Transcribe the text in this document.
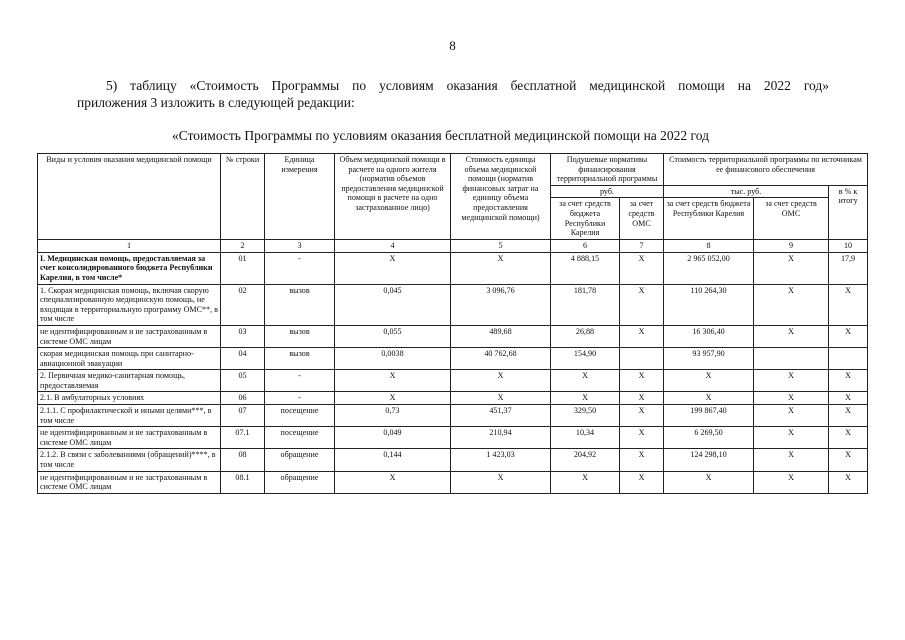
8
5) таблицу «Стоимость Программы по условиям оказания бесплатной медицинской помощи на 2022 год»
приложения 3 изложить в следующей редакции:
«Стоимость Программы по условиям оказания бесплатной медицинской помощи на 2022 год
Виды и условия оказания медицинской помощи	№ строки	Единица измерения	Объем медицинской помощи в расчете на одного жителя (норматив объемов предоставления медицинской помощи в расчете на одно застрахованное лицо)	Стоимость единицы объема медицинской помощи (норматив финансовых затрат на единицу объема предоставления медицинской помощи)	Подушевые нормативы финансирования территориальной программы		Стоимость территориальной программы по источникам ее финансового обеспечения		
					руб.		тыс. руб.		в % к итогу
					за счет средств бюджета Республики Карелия	за счет средств ОМС	за счет средств бюджета Республики Карелия	за счет средств ОМС	
1	2	3	4	5	6	7	8	9	10
I. Медицинская помощь, предоставляемая за счет консолидированного бюджета Республики Карелия, в том числе*	01	-	X	X	4 888,15	X	2 965 052,00	X	17,9
1. Скорая медицинская помощь, включая скорую специализированную медицинскую помощь, не входящая в территориальную программу ОМС**, в том числе	02	вызов	0,045	3 096,76	181,78	X	110 264,30	X	X
не идентифицированным и не застрахованным в системе ОМС лицам	03	вызов	0,055	489,68	26,88	X	16 306,40	X	X
скорая медицинская помощь при санитарно-авиационной эвакуации	04	вызов	0,0038	40 762,68	154,90		93 957,90		
2. Первичная медико-санитарная помощь, предоставляемая	05	-	X	X	X	X	X	X	X
2.1. В амбулаторных условиях	06	-	X	X	X	X	X	X	X
2.1.1. С профилактической и иными целями***, в том числе	07	посещение	0,73	451,37	329,50	X	199 867,40	X	X
не идентифицированным и не застрахованным в системе ОМС лицам	07.1	посещение	0,049	210,94	10,34	X	6 269,50	X	X
2.1.2. В связи с заболеваниями (обращений)****, в том числе	08	обращение	0,144	1 423,03	204,92	X	124 298,10	X	X
не идентифицированным и не застрахованным в системе ОМС лицам	08.1	обращение	X	X	X	X	X	X	X
